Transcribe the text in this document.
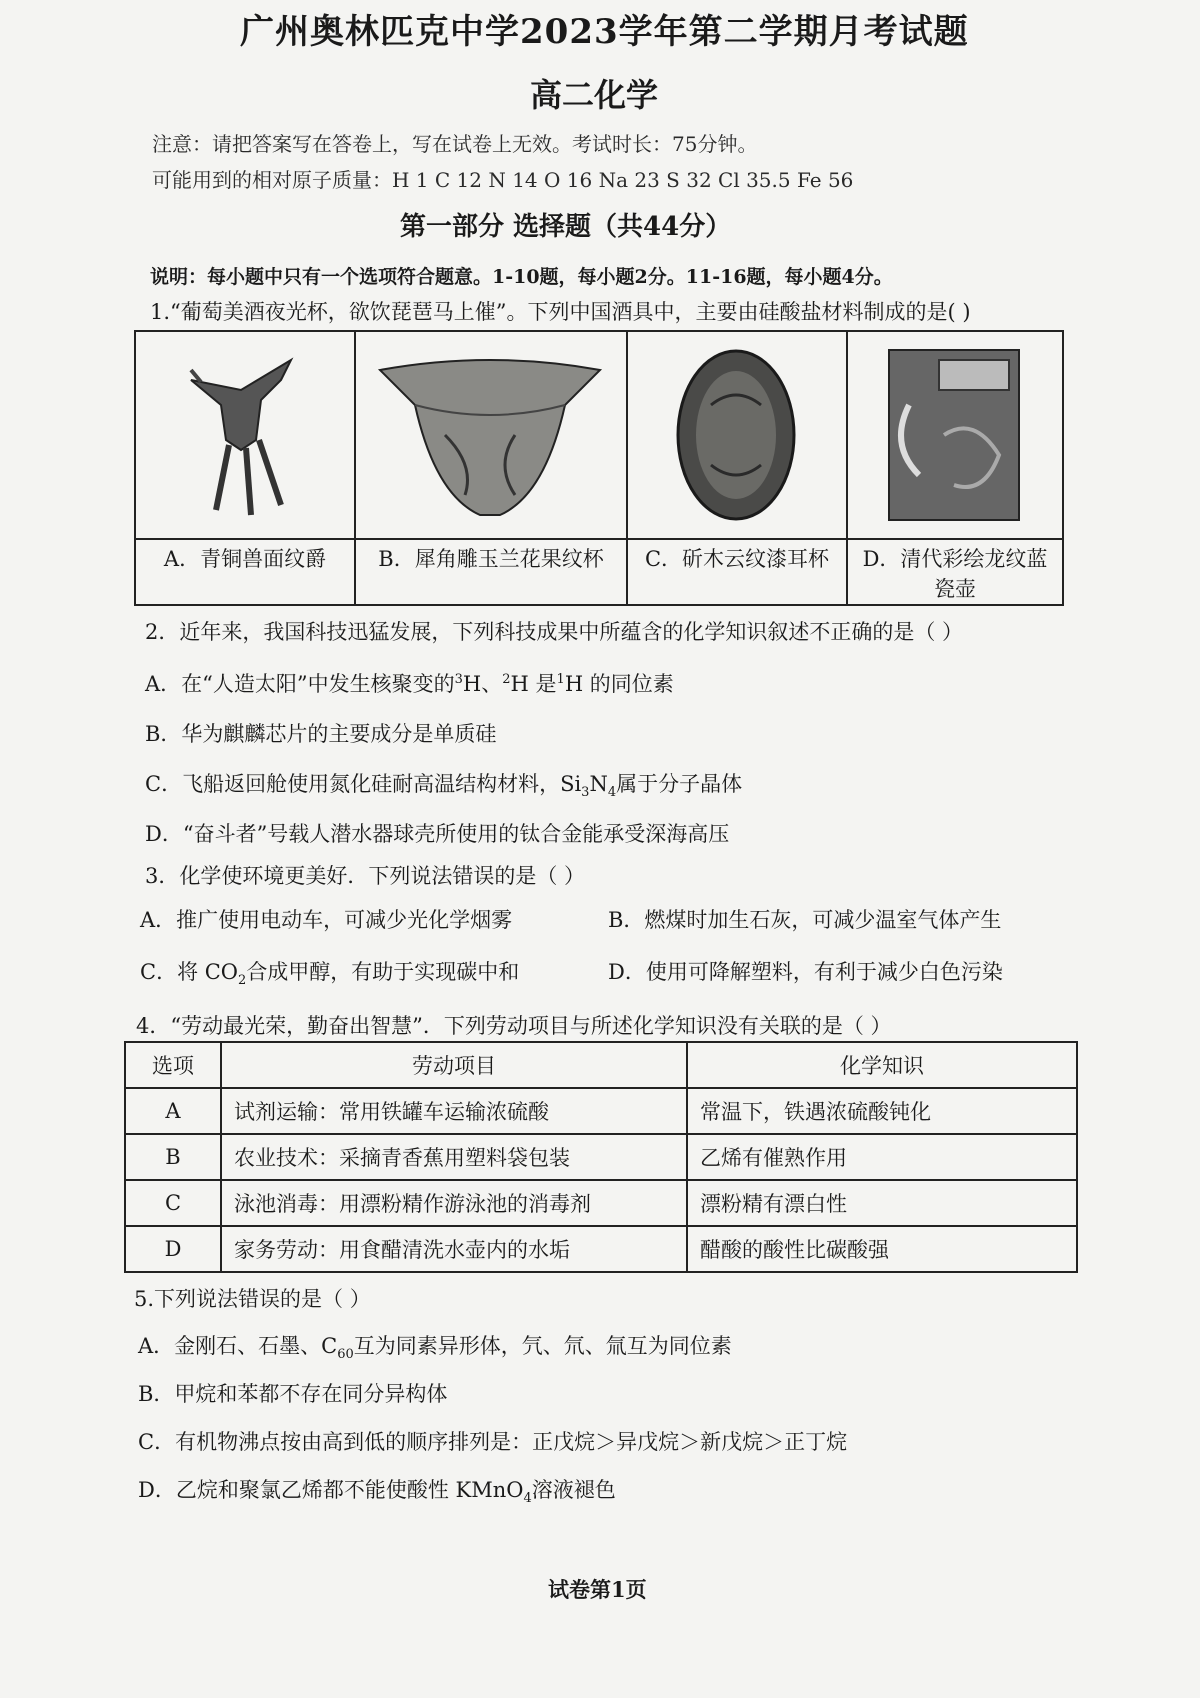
广州奥林匹克中学2023学年第二学期月考试题
高二化学
注意：请把答案写在答卷上，写在试卷上无效。考试时长：75分钟。
可能用到的相对原子质量：H 1 C 12 N 14 O 16 Na 23 S 32 Cl 35.5 Fe 56
第一部分 选择题（共44分）
说明：每小题中只有一个选项符合题意。1-10题，每小题2分。11-16题，每小题4分。
1.“葡萄美酒夜光杯，欲饮琵琶马上催”。下列中国酒具中，主要由硅酸盐材料制成的是( )
A．青铜兽面纹爵	B．犀角雕玉兰花果纹杯	C．斫木云纹漆耳杯	D．清代彩绘龙纹蓝
瓷壶
2．近年来，我国科技迅猛发展，下列科技成果中所蕴含的化学知识叙述不正确的是（ ）
A．在“人造太阳”中发生核聚变的$^3$H、$^2$H 是$^1$H 的同位素
B．华为麒麟芯片的主要成分是单质硅
C．飞船返回舱使用氮化硅耐高温结构材料，$Si_3N_4$属于分子晶体
D．“奋斗者”号载人潜水器球壳所使用的钛合金能承受深海高压
3．化学使环境更美好．下列说法错误的是（ ）
A．推广使用电动车，可减少光化学烟雾	B．燃煤时加生石灰，可减少温室气体产生
C．将 $CO_2$合成甲醇，有助于实现碳中和	D．使用可降解塑料，有利于减少白色污染
4．“劳动最光荣，勤奋出智慧”．下列劳动项目与所述化学知识没有关联的是（ ）
选项	劳动项目	化学知识
A	试剂运输：常用铁罐车运输浓硫酸	常温下，铁遇浓硫酸钝化
B	农业技术：采摘青香蕉用塑料袋包装	乙烯有催熟作用
C	泳池消毒：用漂粉精作游泳池的消毒剂	漂粉精有漂白性
D	家务劳动：用食醋清洗水壶内的水垢	醋酸的酸性比碳酸强
5.下列说法错误的是（ ）
A．金刚石、石墨、$C_{60}$互为同素异形体，氕、氘、氚互为同位素
B．甲烷和苯都不存在同分异构体
C．有机物沸点按由高到低的顺序排列是：正戊烷＞异戊烷＞新戊烷＞正丁烷
D．乙烷和聚氯乙烯都不能使酸性 KMnO$_4$溶液褪色
试卷第1页
